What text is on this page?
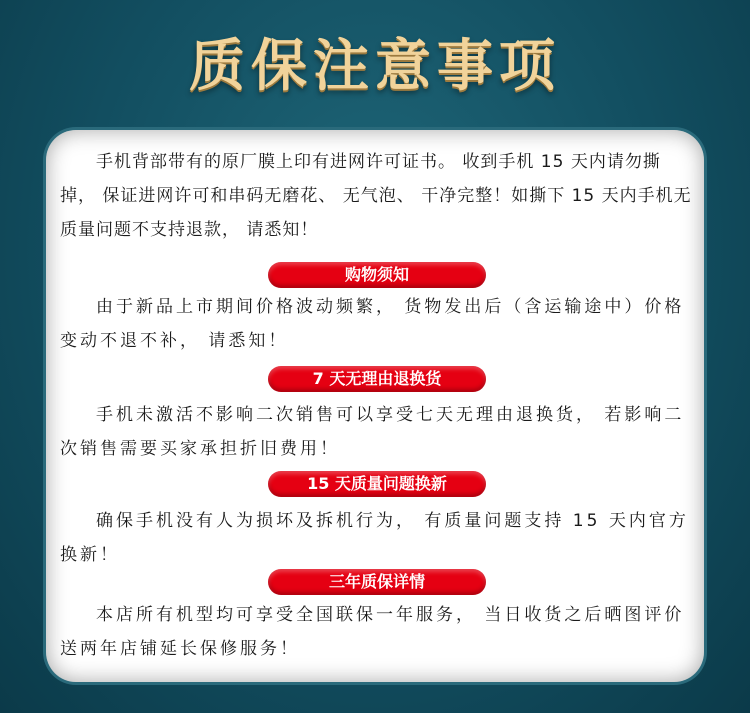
质保注意事项

手机背部带有的原厂膜上印有进网许可证书。 收到手机 15 天内请勿撕掉， 保证进网许可和串码无磨花、 无气泡、 干净完整！如撕下 15 天内手机无质量问题不支持退款， 请悉知！

购物须知

由于新品上市期间价格波动频繁， 货物发出后（含运输途中）价格变动不退不补， 请悉知！

7 天无理由退换货

手机未激活不影响二次销售可以享受七天无理由退换货， 若影响二次销售需要买家承担折旧费用！

15 天质量问题换新

确保手机没有人为损坏及拆机行为， 有质量问题支持 15 天内官方换新！

三年质保详情

本店所有机型均可享受全国联保一年服务， 当日收货之后晒图评价送两年店铺延长保修服务！
